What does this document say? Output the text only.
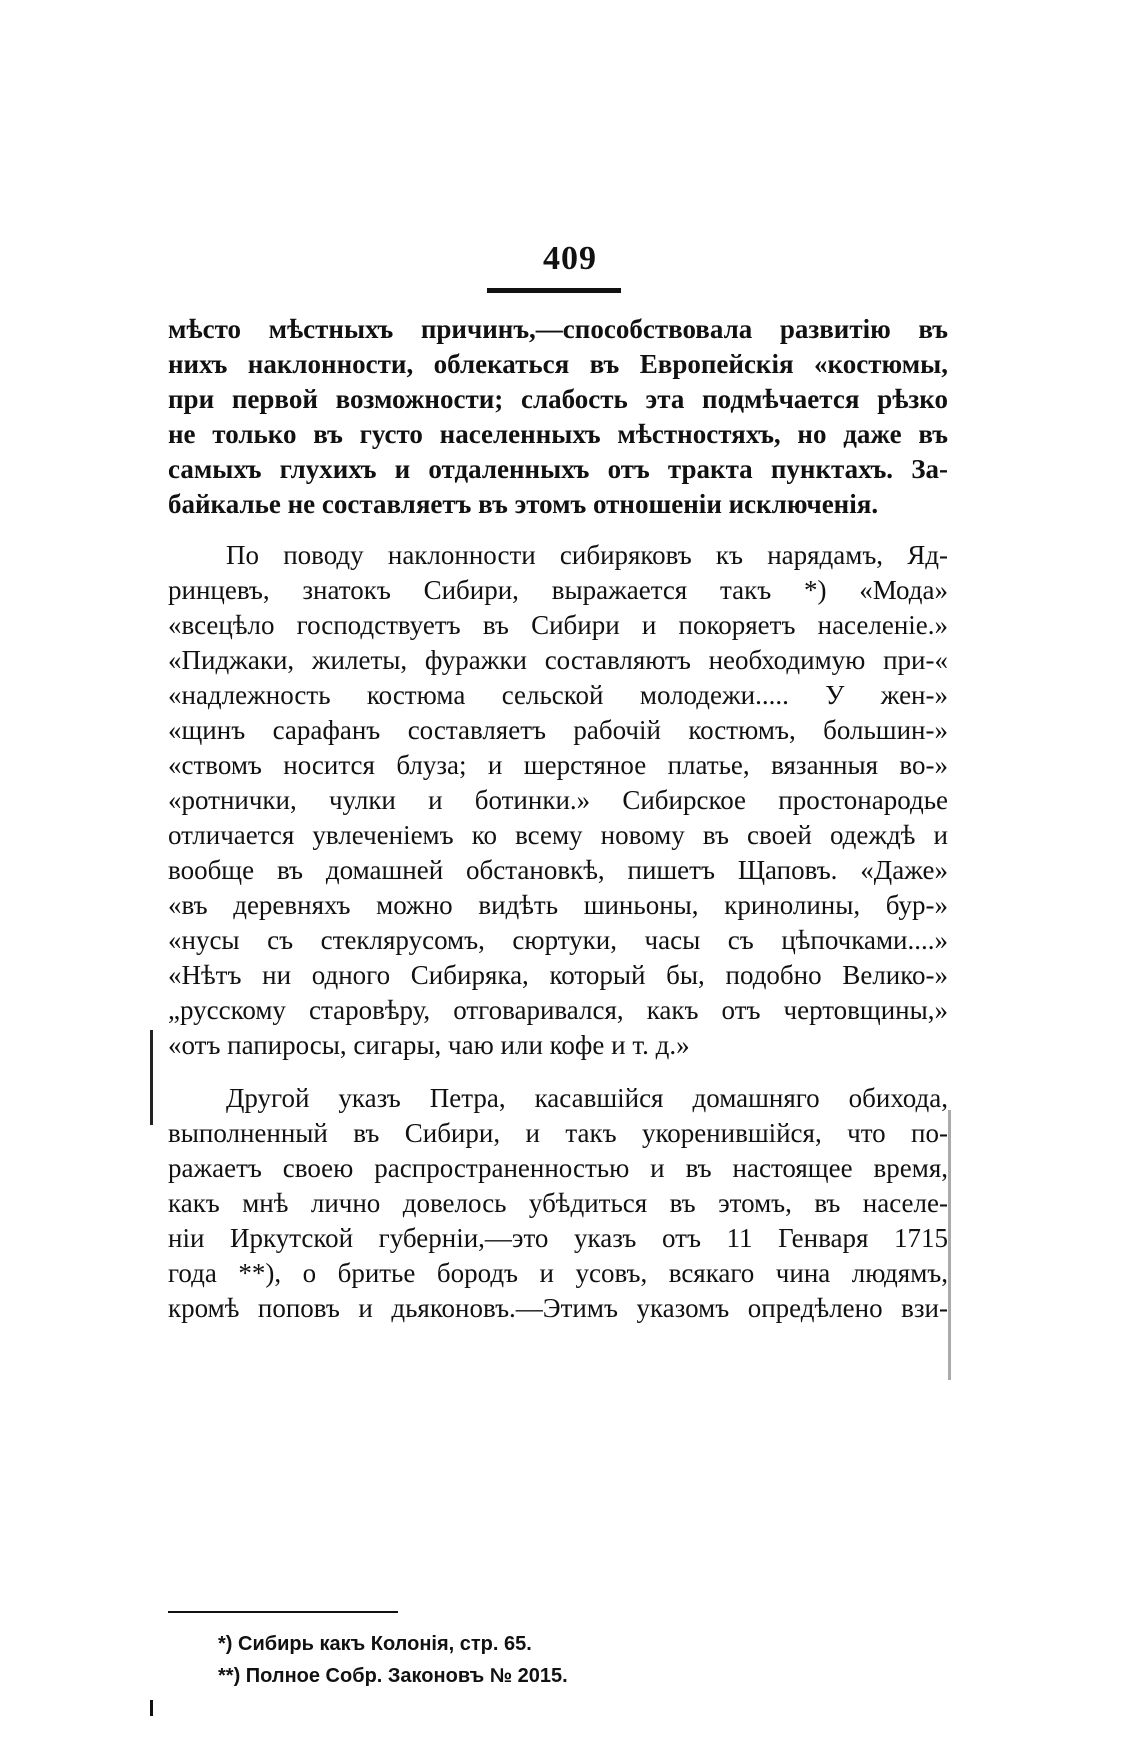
409
мѣсто мѣстныхъ причинъ,—способствовала развитію въ
нихъ наклонности, облекаться въ Европейскія «костюмы,
при первой возможности; слабость эта подмѣчается рѣзко
не только въ густо населенныхъ мѣстностяхъ, но даже въ
самыхъ глухихъ и отдаленныхъ отъ тракта пунктахъ. За-
байкалье не составляетъ въ этомъ отношеніи исключенія.
По поводу наклонности сибиряковъ къ нарядамъ, Яд-
ринцевъ, знатокъ Сибири, выражается такъ *) «Мода»
«всецѣло господствуетъ въ Сибири и покоряетъ населеніе.»
«Пиджаки, жилеты, фуражки составляютъ необходимую при-«
«надлежность костюма сельской молодежи..... У жен-»
«щинъ сарафанъ составляетъ рабочій костюмъ, большин-»
«ствомъ носится блуза; и шерстяное платье, вязанныя во-»
«ротнички, чулки и ботинки.» Сибирское простонародье
отличается увлеченіемъ ко всему новому въ своей одеждѣ и
вообще въ домашней обстановкѣ, пишетъ Щаповъ. «Даже»
«въ деревняхъ можно видѣть шиньоны, кринолины, бур-»
«нусы съ стеклярусомъ, сюртуки, часы съ цѣпочками....»
«Нѣтъ ни одного Сибиряка, который бы, подобно Велико-»
„русскому старовѣру, отговаривался, какъ отъ чертовщины,»
«отъ папиросы, сигары, чаю или кофе и т. д.»
Другой указъ Петра, касавшійся домашняго обихода,
выполненный въ Сибири, и такъ укоренившійся, что по-
ражаетъ своею распространенностью и въ настоящее время,
какъ мнѣ лично довелось убѣдиться въ этомъ, въ населе-
ніи Иркутской губерніи,—это указъ отъ 11 Генваря 1715
года **), о бритье бородъ и усовъ, всякаго чина людямъ,
кромѣ поповъ и дьяконовъ.—Этимъ указомъ опредѣлено взи-
*) Сибирь какъ Колонія, стр. 65.
**) Полное Собр. Законовъ № 2015.
